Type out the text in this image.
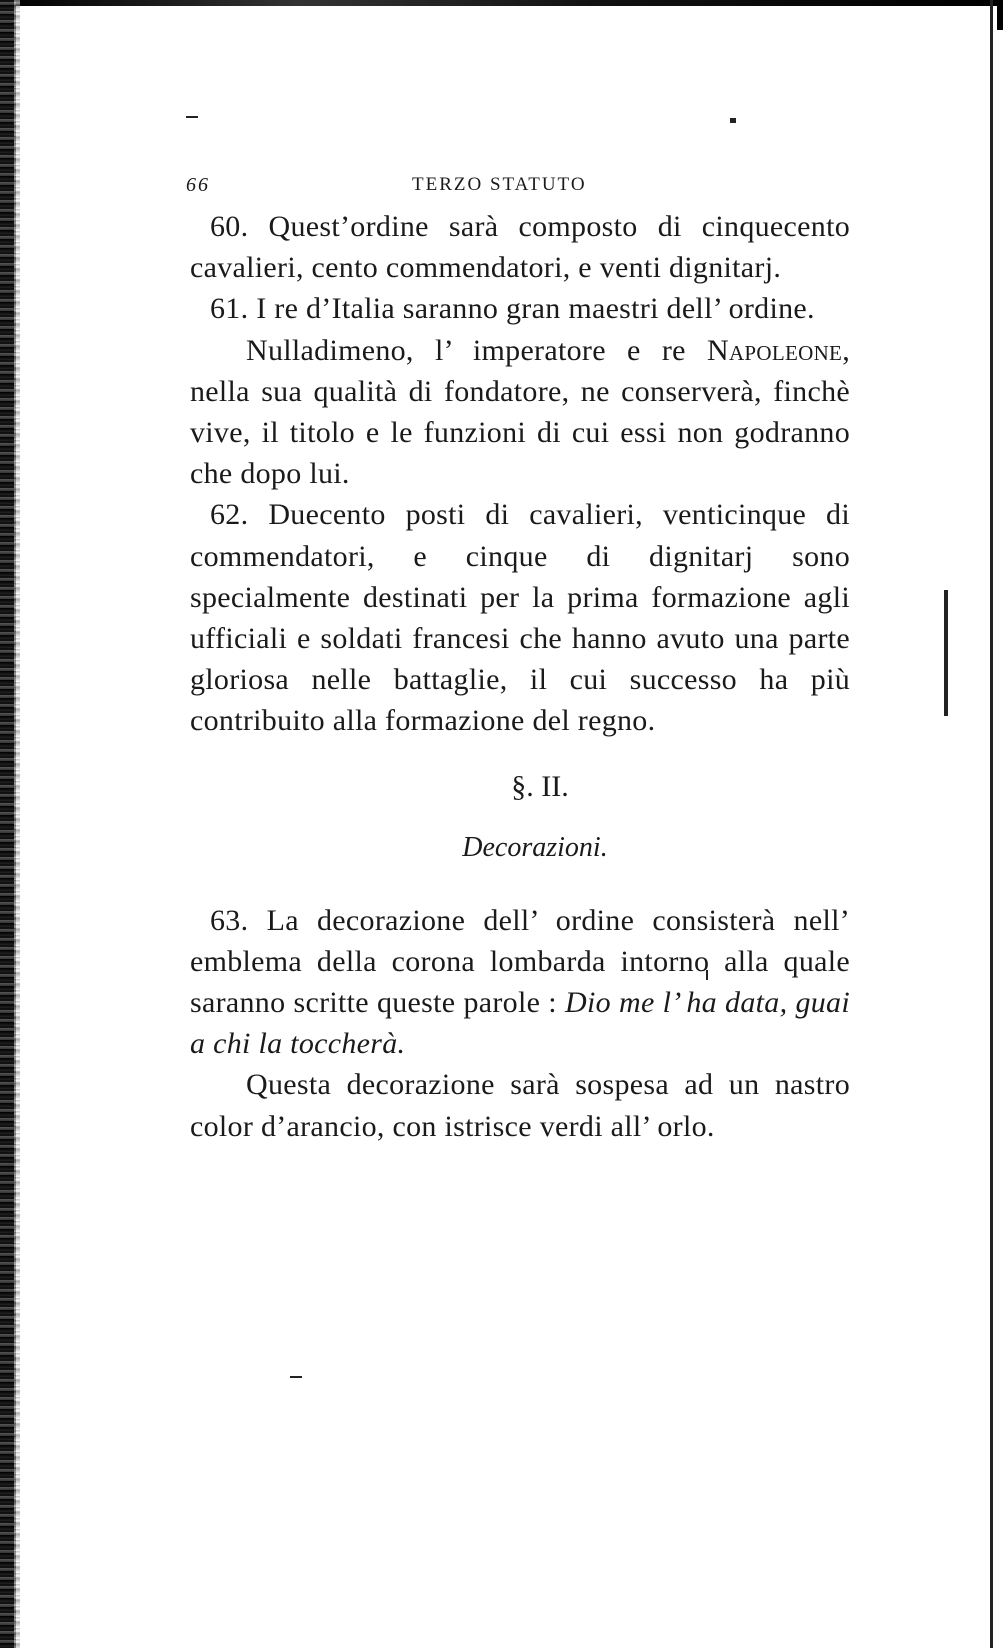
66	TERZO STATUTO

60. Quest’ordine sarà composto di cinquecento cavalieri, cento commendatori, e venti dignitarj.

61. I re d’Italia saranno gran maestri dell’ ordine.

Nulladimeno, l’ imperatore e re Napoleone, nella sua qualità di fondatore, ne conserverà, finchè vive, il titolo e le funzioni di cui essi non godranno che dopo lui.

62. Duecento posti di cavalieri, venticinque di commendatori, e cinque di dignitarj sono specialmente destinati per la prima formazione agli ufficiali e soldati francesi che hanno avuto una parte gloriosa nelle battaglie, il cui successo ha più contribuito alla formazione del regno.

§. II.
Decorazioni.

63. La decorazione dell’ ordine consisterà nell’ emblema della corona lombarda intorno alla quale saranno scritte queste parole : Dio me l’ ha data, guai a chi la toccherà.

Questa decorazione sarà sospesa ad un nastro color d’arancio, con istrisce verdi all’ orlo.
